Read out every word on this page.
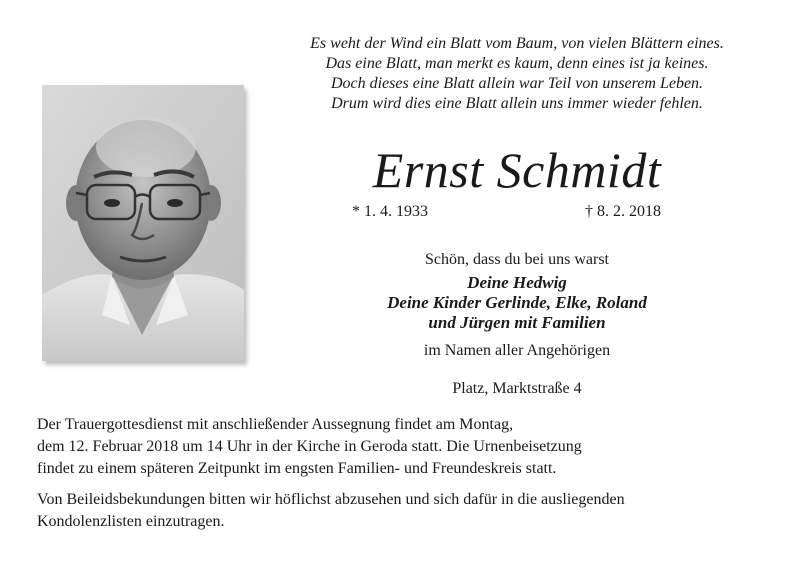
Es weht der Wind ein Blatt vom Baum, von vielen Blättern eines.
Das eine Blatt, man merkt es kaum, denn eines ist ja keines.
Doch dieses eine Blatt allein war Teil von unserem Leben.
Drum wird dies eine Blatt allein uns immer wieder fehlen.
Ernst Schmidt
* 1. 4. 1933	† 8. 2. 2018
Schön, dass du bei uns warst
Deine Hedwig
Deine Kinder Gerlinde, Elke, Roland
und Jürgen mit Familien
im Namen aller Angehörigen
Platz, Marktstraße 4
Der Trauergottesdienst mit anschließender Aussegnung findet am Montag,
dem 12. Februar 2018 um 14 Uhr in der Kirche in Geroda statt. Die Urnenbeisetzung
findet zu einem späteren Zeitpunkt im engsten Familien- und Freundeskreis statt.
Von Beileidsbekundungen bitten wir höflichst abzusehen und sich dafür in die ausliegenden
Kondolenzlisten einzutragen.
